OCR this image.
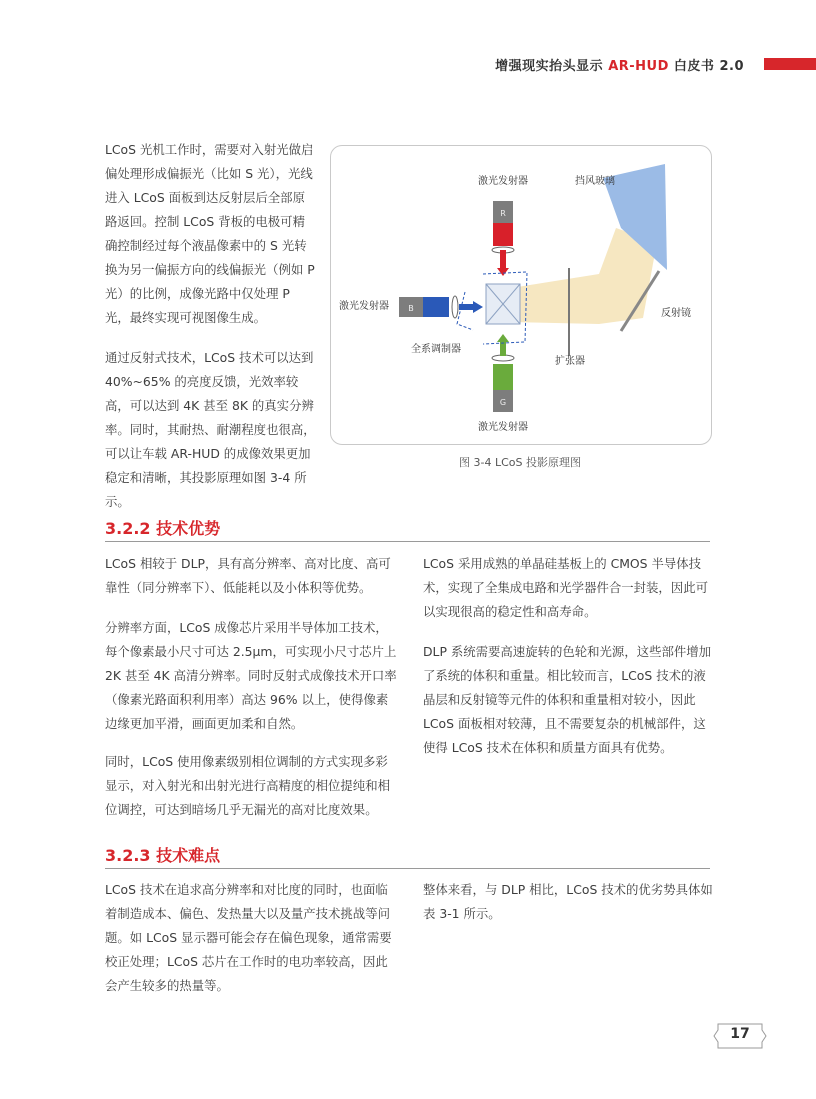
增强现实抬头显示 AR-HUD 白皮书 2.0

LCoS 光机工作时，需要对入射光做启偏处理形成偏振光（比如 S 光），光线进入 LCoS 面板到达反射层后全部原路返回。控制 LCoS 背板的电极可精确控制经过每个液晶像素中的 S 光转换为另一偏振方向的线偏振光（例如 P 光）的比例，成像光路中仅处理 P 光，最终实现可视图像生成。

通过反射式技术，LCoS 技术可以达到 40%~65% 的亮度反馈，光效率较高，可以达到 4K 甚至 8K 的真实分辨率。同时，其耐热、耐潮程度也很高，可以让车载 AR-HUD 的成像效果更加稳定和清晰，其投影原理如图 3-4 所示。

R
G
B
激光发射器	挡风玻璃
激光发射器
反射镜
全系调制器
扩张器
激光发射器
图 3-4 LCoS 投影原理图
3.2.2 技术优势

LCoS 相较于 DLP，具有高分辨率、高对比度、高可靠性（同分辨率下）、低能耗以及小体积等优势。

分辨率方面，LCoS 成像芯片采用半导体加工技术，每个像素最小尺寸可达 2.5μm，可实现小尺寸芯片上 2K 甚至 4K 高清分辨率。同时反射式成像技术开口率（像素光路面积利用率）高达 96% 以上，使得像素边缘更加平滑，画面更加柔和自然。

同时，LCoS 使用像素级别相位调制的方式实现多彩显示，对入射光和出射光进行高精度的相位提纯和相位调控，可达到暗场几乎无漏光的高对比度效果。

LCoS 采用成熟的单晶硅基板上的 CMOS 半导体技术，实现了全集成电路和光学器件合一封装，因此可以实现很高的稳定性和高寿命。

DLP 系统需要高速旋转的色轮和光源，这些部件增加了系统的体积和重量。相比较而言，LCoS 技术的液晶层和反射镜等元件的体积和重量相对较小，因此 LCoS 面板相对较薄，且不需要复杂的机械部件，这使得 LCoS 技术在体积和质量方面具有优势。

3.2.3 技术难点

LCoS 技术在追求高分辨率和对比度的同时，也面临着制造成本、偏色、发热量大以及量产技术挑战等问题。如 LCoS 显示器可能会存在偏色现象，通常需要校正处理；LCoS 芯片在工作时的电功率较高，因此会产生较多的热量等。

整体来看，与 DLP 相比，LCoS 技术的优劣势具体如表 3-1 所示。

17
